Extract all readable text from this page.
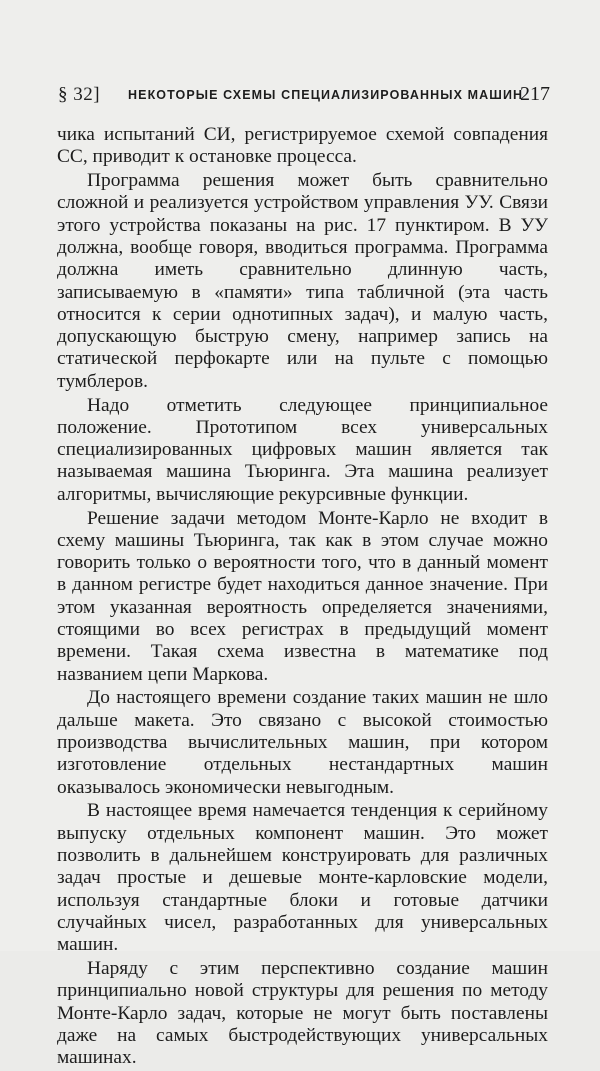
§ 32] НЕКОТОРЫЕ СХЕМЫ СПЕЦИАЛИЗИРОВАННЫХ МАШИН
217

чика испытаний СИ, регистрируемое схемой совпадения СС, приводит к остановке процесса.

Программа решения может быть сравнительно сложной и реализуется устройством управления УУ. Связи этого устройства показаны на рис. 17 пунктиром. В УУ должна, вообще говоря, вводиться программа. Программа должна иметь сравнительно длинную часть, записываемую в «памяти» типа табличной (эта часть относится к серии однотипных задач), и малую часть, допускающую быструю смену, например запись на статической перфокарте или на пульте с помощью тумблеров.

Надо отметить следующее принципиальное положение. Прототипом всех универсальных специализированных цифровых машин является так называемая машина Тьюринга. Эта машина реализует алгоритмы, вычисляющие рекурсивные функции.

Решение задачи методом Монте-Карло не входит в схему машины Тьюринга, так как в этом случае можно говорить только о вероятности того, что в данный момент в данном регистре будет находиться данное значение. При этом указанная вероятность определяется значениями, стоящими во всех регистрах в предыдущий момент времени. Такая схема известна в математике под названием цепи Маркова.

До настоящего времени создание таких машин не шло дальше макета. Это связано с высокой стоимостью производства вычислительных машин, при котором изготовление отдельных нестандартных машин оказывалось экономически невыгодным.

В настоящее время намечается тенденция к серийному выпуску отдельных компонент машин. Это может позволить в дальнейшем конструировать для различных задач простые и дешевые монте-карловские модели, используя стандартные блоки и готовые датчики случайных чисел, разработанных для универсальных машин.

Наряду с этим перспективно создание машин принципиально новой структуры для решения по методу Монте-Карло задач, которые не могут быть поставлены даже на самых быстродействующих универсальных машинах.
